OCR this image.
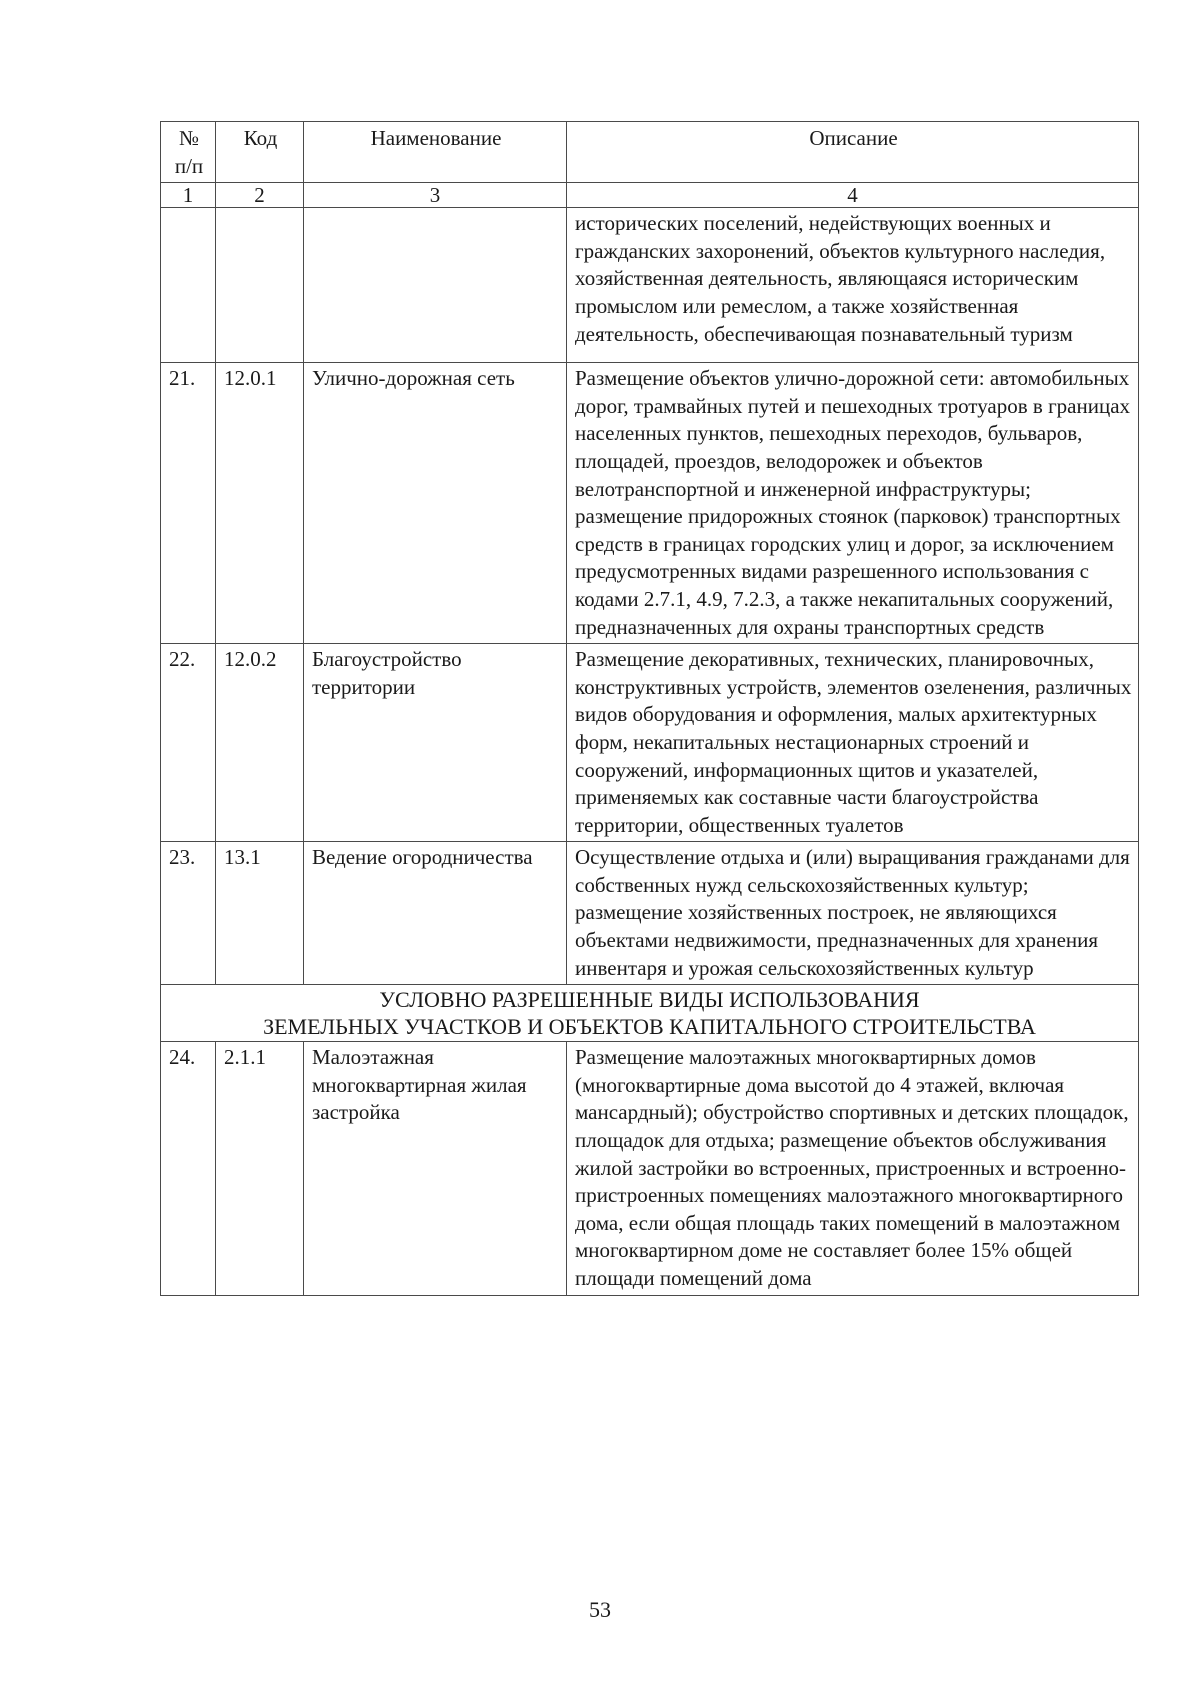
№ п/п	Код	Наименование	Описание
1	2	3	4
			исторических поселений, недействующих военных и гражданских захоронений, объектов культурного наследия, хозяйственная деятельность, являющаяся историческим промыслом или ремеслом, а также хозяйственная деятельность, обеспечивающая познавательный туризм
21.	12.0.1	Улично-дорожная сеть	Размещение объектов улично-дорожной сети: автомобильных дорог, трамвайных путей и пешеходных тротуаров в границах населенных пунктов, пешеходных переходов, бульваров, площадей, проездов, велодорожек и объектов велотранспортной и инженерной инфраструктуры; размещение придорожных стоянок (парковок) транспортных средств в границах городских улиц и дорог, за исключением предусмотренных видами разрешенного использования с кодами 2.7.1, 4.9, 7.2.3, а также некапитальных сооружений, предназначенных для охраны транспортных средств
22.	12.0.2	Благоустройство территории	Размещение декоративных, технических, планировочных, конструктивных устройств, элементов озеленения, различных видов оборудования и оформления, малых архитектурных форм, некапитальных нестационарных строений и сооружений, информационных щитов и указателей, применяемых как составные части благоустройства территории, общественных туалетов
23.	13.1	Ведение огородничества	Осуществление отдыха и (или) выращивания гражданами для собственных нужд сельскохозяйственных культур; размещение хозяйственных построек, не являющихся объектами недвижимости, предназначенных для хранения инвентаря и урожая сельскохозяйственных культур

УСЛОВНО РАЗРЕШЕННЫЕ ВИДЫ ИСПОЛЬЗОВАНИЯ
ЗЕМЕЛЬНЫХ УЧАСТКОВ И ОБЪЕКТОВ КАПИТАЛЬНОГО СТРОИТЕЛЬСТВА			

24.	2.1.1	Малоэтажная многоквартирная жилая застройка	Размещение малоэтажных многоквартирных домов (многоквартирные дома высотой до 4 этажей, включая мансардный); обустройство спортивных и детских площадок, площадок для отдыха; размещение объектов обслуживания жилой застройки во встроенных, пристроенных и встроенно-пристроенных помещениях малоэтажного многоквартирного дома, если общая площадь таких помещений в малоэтажном многоквартирном доме не составляет более 15% общей площади помещений дома
53
